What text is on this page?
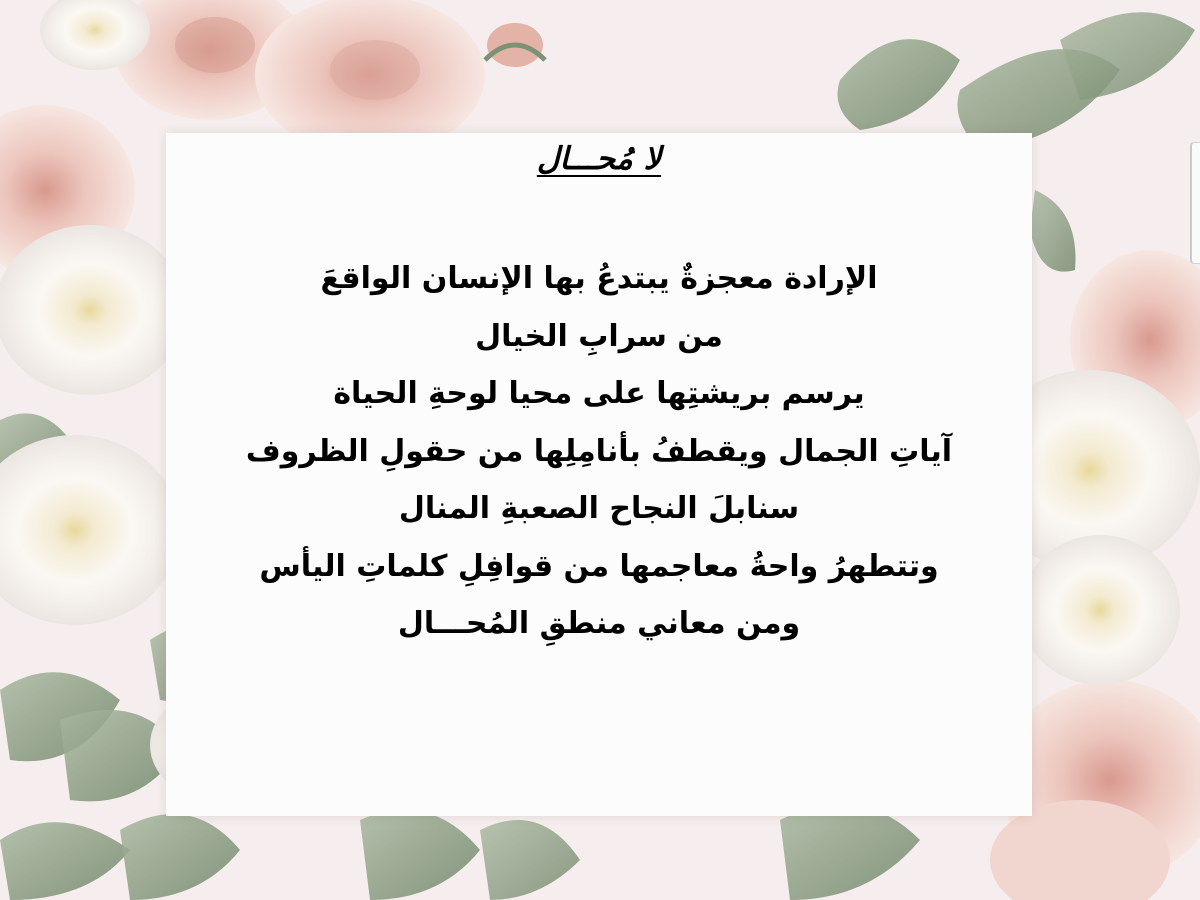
لا مُحـــال
الإرادة معجزةٌ يبتدعُ بها الإنسان الواقعَ
من سرابِ الخيال
يرسم بريشتِها على محيا لوحةِ الحياة
آياتِ الجمال ويقطفُ بأنامِلِها من حقولِ الظروف
سنابلَ النجاح الصعبةِ المنال
وتتطهرُ واحةُ معاجمها من قوافِلِ كلماتِ اليأس
ومن معاني منطقِ المُحـــال
